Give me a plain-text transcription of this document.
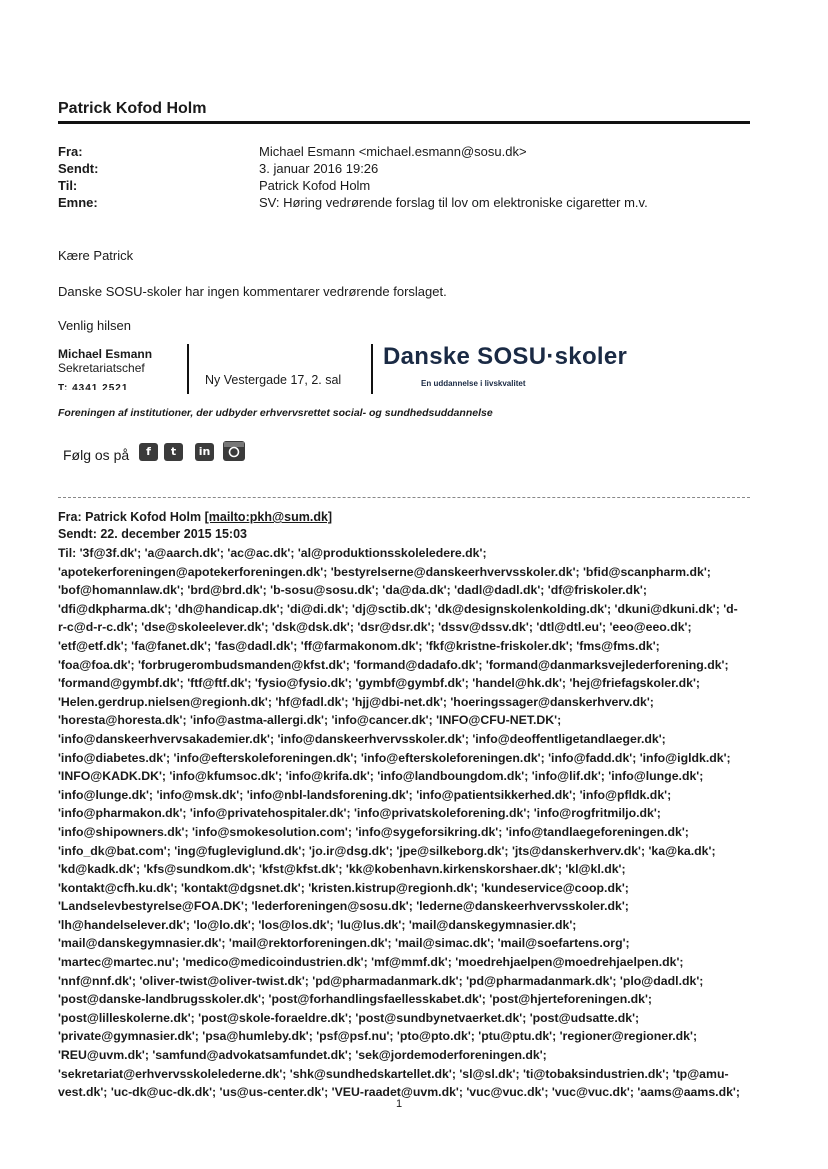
Patrick Kofod Holm
Fra:	Michael Esmann <michael.esmann@sosu.dk>
Sendt:	3. januar 2016 19:26
Til:	Patrick Kofod Holm
Emne:	SV: Høring vedrørende forslag til lov om elektroniske cigaretter m.v.
Kære Patrick
Danske SOSU-skoler har ingen kommentarer vedrørende forslaget.
Venlig hilsen
Michael Esmann
Sekretariatschef
T: 4341 2521
Ny Vestergade 17, 2. sal
Danske SOSU·skoler
En uddannelse i livskvalitet
Foreningen af institutioner, der udbyder erhvervsrettet social- og sundhedsuddannelse
Følg os på	f	t	in
Fra: Patrick Kofod Holm [mailto:pkh@sum.dk]
Sendt: 22. december 2015 15:03
Til: '3f@3f.dk'; 'a@aarch.dk'; 'ac@ac.dk'; 'al@produktionsskoleledere.dk';
'apotekerforeningen@apotekerforeningen.dk'; 'bestyrelserne@danskeerhvervsskoler.dk'; 'bfid@scanpharm.dk';
'bof@homannlaw.dk'; 'brd@brd.dk'; 'b-sosu@sosu.dk'; 'da@da.dk'; 'dadl@dadl.dk'; 'df@friskoler.dk';
'dfi@dkpharma.dk'; 'dh@handicap.dk'; 'di@di.dk'; 'dj@sctib.dk'; 'dk@designskolenkolding.dk'; 'dkuni@dkuni.dk'; 'd-
r-c@d-r-c.dk'; 'dse@skoleelever.dk'; 'dsk@dsk.dk'; 'dsr@dsr.dk'; 'dssv@dssv.dk'; 'dtl@dtl.eu'; 'eeo@eeo.dk';
'etf@etf.dk'; 'fa@fanet.dk'; 'fas@dadl.dk'; 'ff@farmakonom.dk'; 'fkf@kristne-friskoler.dk'; 'fms@fms.dk';
'foa@foa.dk'; 'forbrugerombudsmanden@kfst.dk'; 'formand@dadafo.dk'; 'formand@danmarksvejlederforening.dk';
'formand@gymbf.dk'; 'ftf@ftf.dk'; 'fysio@fysio.dk'; 'gymbf@gymbf.dk'; 'handel@hk.dk'; 'hej@friefagskoler.dk';
'Helen.gerdrup.nielsen@regionh.dk'; 'hf@fadl.dk'; 'hjj@dbi-net.dk'; 'hoeringssager@danskerhverv.dk';
'horesta@horesta.dk'; 'info@astma-allergi.dk'; 'info@cancer.dk'; 'INFO@CFU-NET.DK';
'info@danskeerhvervsakademier.dk'; 'info@danskeerhvervsskoler.dk'; 'info@deoffentligetandlaeger.dk';
'info@diabetes.dk'; 'info@efterskoleforeningen.dk'; 'info@efterskoleforeningen.dk'; 'info@fadd.dk'; 'info@igldk.dk';
'INFO@KADK.DK'; 'info@kfumsoc.dk'; 'info@krifa.dk'; 'info@landboungdom.dk'; 'info@lif.dk'; 'info@lunge.dk';
'info@lunge.dk'; 'info@msk.dk'; 'info@nbl-landsforening.dk'; 'info@patientsikkerhed.dk'; 'info@pfldk.dk';
'info@pharmakon.dk'; 'info@privatehospitaler.dk'; 'info@privatskoleforening.dk'; 'info@rogfritmiljo.dk';
'info@shipowners.dk'; 'info@smokesolution.com'; 'info@sygeforsikring.dk'; 'info@tandlaegeforeningen.dk';
'info_dk@bat.com'; 'ing@fugleviglund.dk'; 'jo.ir@dsg.dk'; 'jpe@silkeborg.dk'; 'jts@danskerhverv.dk'; 'ka@ka.dk';
'kd@kadk.dk'; 'kfs@sundkom.dk'; 'kfst@kfst.dk'; 'kk@kobenhavn.kirkenskorshaer.dk'; 'kl@kl.dk';
'kontakt@cfh.ku.dk'; 'kontakt@dgsnet.dk'; 'kristen.kistrup@regionh.dk'; 'kundeservice@coop.dk';
'Landselevbestyrelse@FOA.DK'; 'lederforeningen@sosu.dk'; 'lederne@danskeerhvervsskoler.dk';
'lh@handelselever.dk'; 'lo@lo.dk'; 'los@los.dk'; 'lu@lus.dk'; 'mail@danskegymnasier.dk';
'mail@danskegymnasier.dk'; 'mail@rektorforeningen.dk'; 'mail@simac.dk'; 'mail@soefartens.org';
'martec@martec.nu'; 'medico@medicoindustrien.dk'; 'mf@mmf.dk'; 'moedrehjaelpen@moedrehjaelpen.dk';
'nnf@nnf.dk'; 'oliver-twist@oliver-twist.dk'; 'pd@pharmadanmark.dk'; 'pd@pharmadanmark.dk'; 'plo@dadl.dk';
'post@danske-landbrugsskoler.dk'; 'post@forhandlingsfaellesskabet.dk'; 'post@hjerteforeningen.dk';
'post@lilleskolerne.dk'; 'post@skole-foraeldre.dk'; 'post@sundbynetvaerket.dk'; 'post@udsatte.dk';
'private@gymnasier.dk'; 'psa@humleby.dk'; 'psf@psf.nu'; 'pto@pto.dk'; 'ptu@ptu.dk'; 'regioner@regioner.dk';
'REU@uvm.dk'; 'samfund@advokatsamfundet.dk'; 'sek@jordemoderforeningen.dk';
'sekretariat@erhvervsskolelederne.dk'; 'shk@sundhedskartellet.dk'; 'sl@sl.dk'; 'ti@tobaksindustrien.dk'; 'tp@amu-
vest.dk'; 'uc-dk@uc-dk.dk'; 'us@us-center.dk'; 'VEU-raadet@uvm.dk'; 'vuc@vuc.dk'; 'vuc@vuc.dk'; 'aams@aams.dk';
1
